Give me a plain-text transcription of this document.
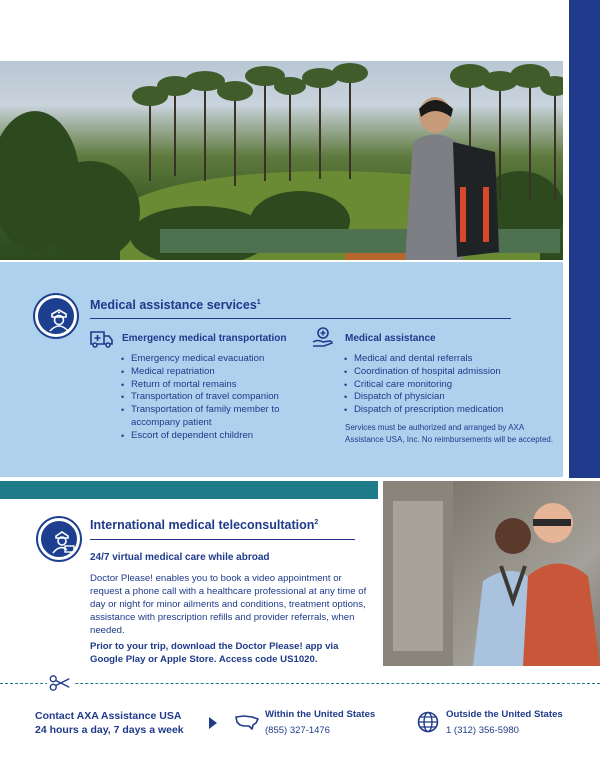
Medical assistance services$^1$
Emergency medical transportation
• Emergency medical evacuation
• Medical repatriation
• Return of mortal remains
• Transportation of travel companion
• Transportation of family member to accompany patient
• Escort of dependent children
Medical assistance
• Medical and dental referrals
• Coordination of hospital admission
• Critical care monitoring
• Dispatch of physician
• Dispatch of prescription medication
Services must be authorized and arranged by AXA Assistance USA, Inc. No reimbursements will be accepted.
International medical teleconsultation$^2$
24/7 virtual medical care while abroad
Doctor Please! enables you to book a video appointment or request a phone call with a healthcare professional at any time of day or night for minor ailments and conditions, treatment options, assistance with prescription refills and provider referrals, when needed.
Prior to your trip, download the Doctor Please! app via Google Play or Apple Store. Access code US1020.
Contact AXA Assistance USA
24 hours a day, 7 days a week
Within the United States
(855) 327-1476
Outside the United States
1 (312) 356-5980
